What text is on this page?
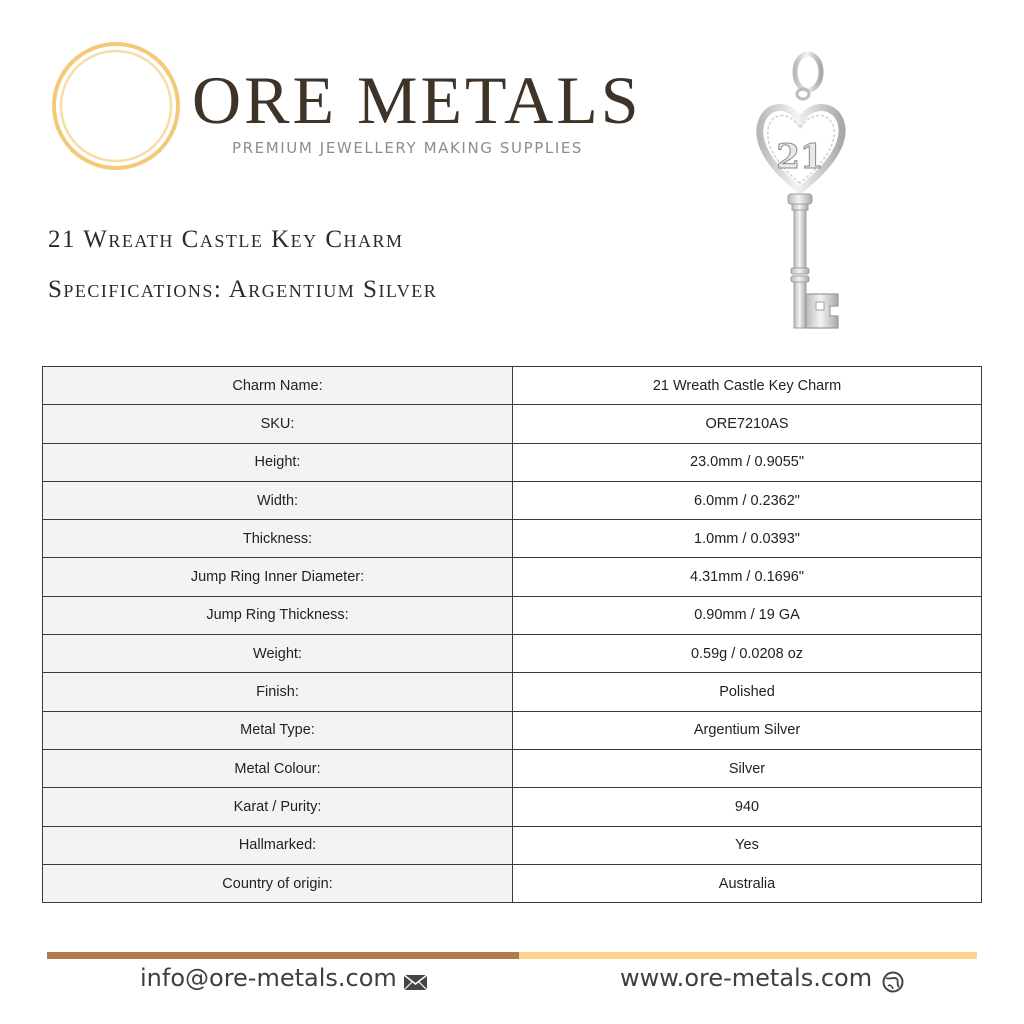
ORE METALS
PREMIUM JEWELLERY MAKING SUPPLIES
21 Wreath Castle Key Charm
Specifications: Argentium Silver
21
Charm Name:	21 Wreath Castle Key Charm
SKU:	ORE7210AS
Height:	23.0mm / 0.9055"
Width:	6.0mm / 0.2362"
Thickness:	1.0mm / 0.0393"
Jump Ring Inner Diameter:	4.31mm / 0.1696"
Jump Ring Thickness:	0.90mm / 19 GA
Weight:	0.59g / 0.0208 oz
Finish:	Polished
Metal Type:	Argentium Silver
Metal Colour:	Silver
Karat / Purity:	940
Hallmarked:	Yes
Country of origin:	Australia
info@ore-metals.com	www.ore-metals.com
